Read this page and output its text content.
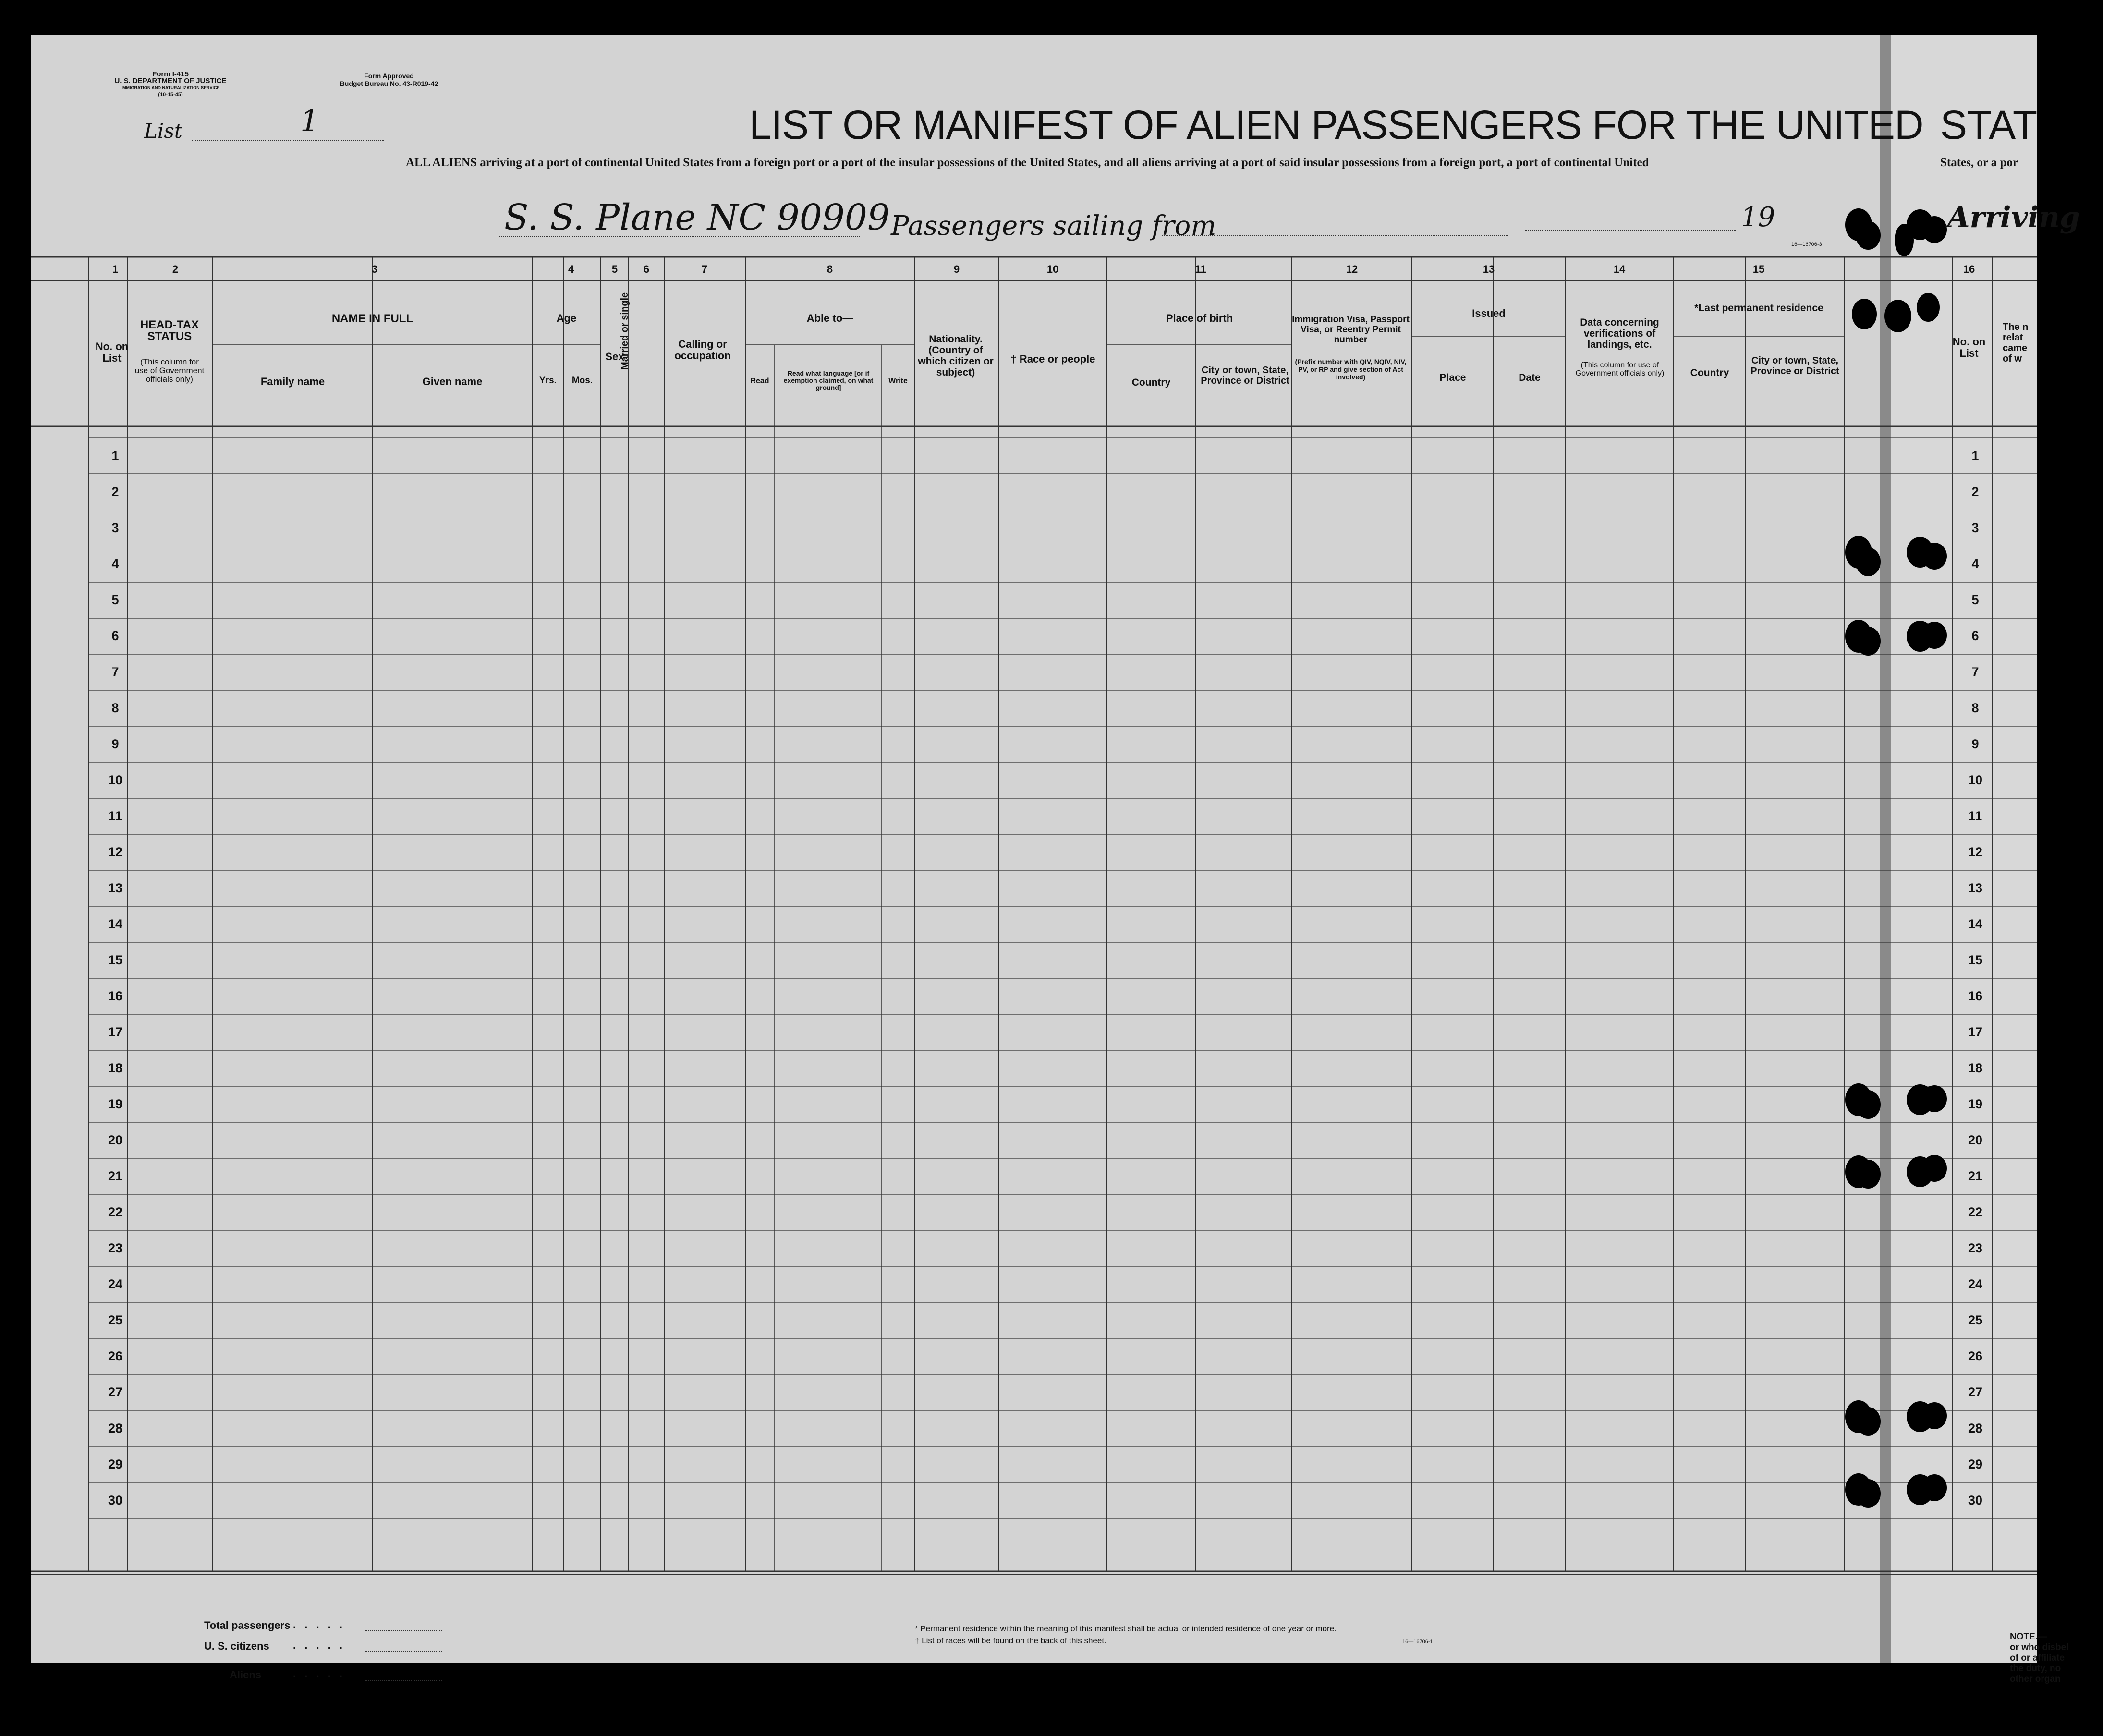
Form I-415
U. S. DEPARTMENT OF JUSTICE
IMMIGRATION AND NATURALIZATION SERVICE
(10-15-45)
Form Approved
Budget Bureau No. 43-R019-42
List	1	LIST OR MANIFEST OF ALIEN PASSENGERS FOR THE UNITED STAT
ALL ALIENS arriving at a port of continental United States from a foreign port or a port of the insular possessions of the United States, and all aliens arriving at a port of said insular possessions from a foreign port, a port of continental United	States, or a por
S. S. Plane NC 90909 Passengers sailing from	19	Arriving
16—16706-3
1	2	3	4	5	6	7	8	9	10	11	12	13	14	15	16
No. on List
HEAD-TAX STATUS
(This column for use of Government officials only)
NAME IN FULL
Family name	Given name
Age
Yrs.	Mos.
Sex
Married or single	Calling or occupation
Able to—
Read
Read what language [or if exemption claimed, on what ground]
Write
Nationality. (Country of which citizen or subject)
† Race or people
Place of birth
Country
City or town, State, Province or District
Immigration Visa, Passport Visa, or Reentry Permit number
(Prefix number with QIV, NQIV, NIV, PV, or RP and give section of Act involved)
Issued
Place	Date
Data concerning verifications of landings, etc.
(This column for use of Government officials only)
*Last permanent residence
Country
City or town, State, Province or District
No. on List
The n relat came of w
1	1
2	2
3	3
4	4
5	5
6	6
7	7
8	8
9	9
10	10
11	11
12	12
13	13
14	14
15	15
16	16
17	17
18	18
19	19
20	20
21	21
22	22
23	23
24	24
25	25
26	26
27	27
28	28
29	29
30	30
Total passengers
U. S. citizens
Aliens
. . . . .
. . . . .
. . . . .
* Permanent residence within the meaning of this manifest shall be actual or intended residence of one year or more.
† List of races will be found on the back of this sheet.	16—16706-1	NOTE.—
or who disbel
of or affiliate
the duty, no
other organ
